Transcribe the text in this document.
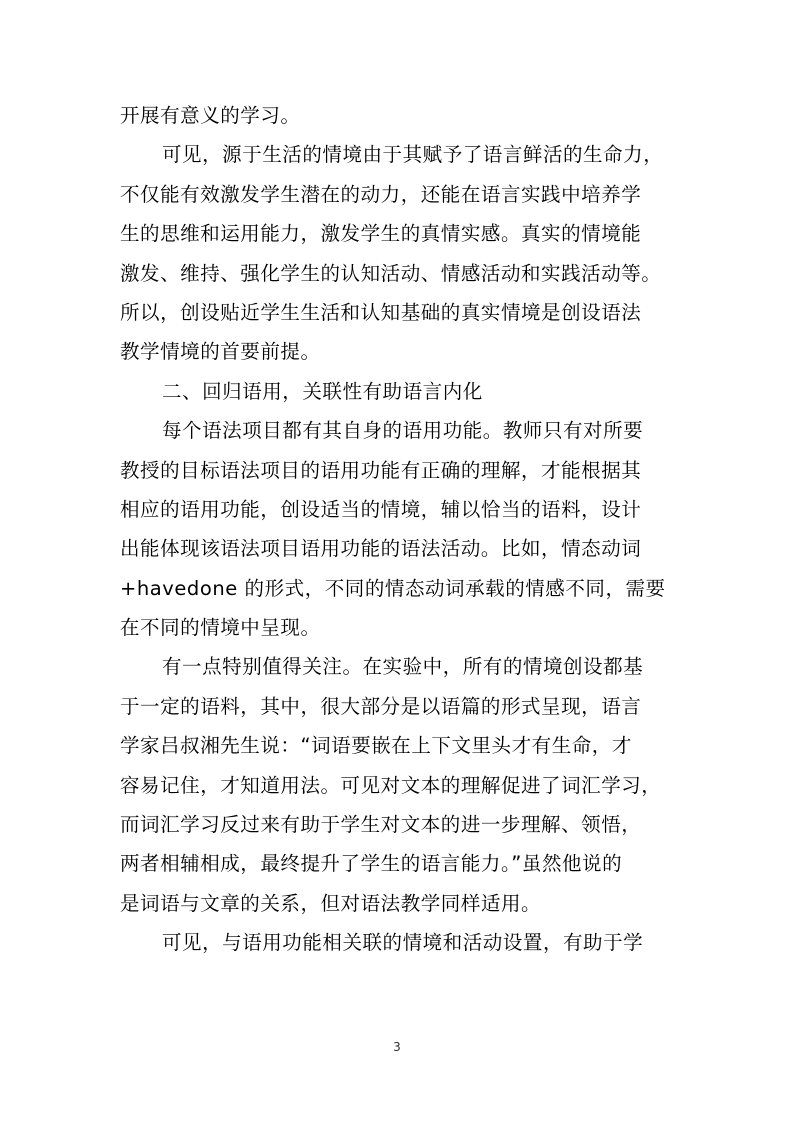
开展有意义的学习。
可见，源于生活的情境由于其赋予了语言鲜活的生命力，
不仅能有效激发学生潜在的动力，还能在语言实践中培养学
生的思维和运用能力，激发学生的真情实感。真实的情境能
激发、维持、强化学生的认知活动、情感活动和实践活动等。
所以，创设贴近学生生活和认知基础的真实情境是创设语法
教学情境的首要前提。
二、回归语用，关联性有助语言内化
每个语法项目都有其自身的语用功能。教师只有对所要
教授的目标语法项目的语用功能有正确的理解，才能根据其
相应的语用功能，创设适当的情境，辅以恰当的语料，设计
出能体现该语法项目语用功能的语法活动。比如，情态动词
+havedone 的形式，不同的情态动词承载的情感不同，需要
在不同的情境中呈现。
有一点特别值得关注。在实验中，所有的情境创设都基
于一定的语料，其中，很大部分是以语篇的形式呈现，语言
学家吕叔湘先生说：“词语要嵌在上下文里头才有生命，才
容易记住，才知道用法。可见对文本的理解促进了词汇学习，
而词汇学习反过来有助于学生对文本的进一步理解、领悟，
两者相辅相成，最终提升了学生的语言能力。”虽然他说的
是词语与文章的关系，但对语法教学同样适用。
可见，与语用功能相关联的情境和活动设置，有助于学
3
